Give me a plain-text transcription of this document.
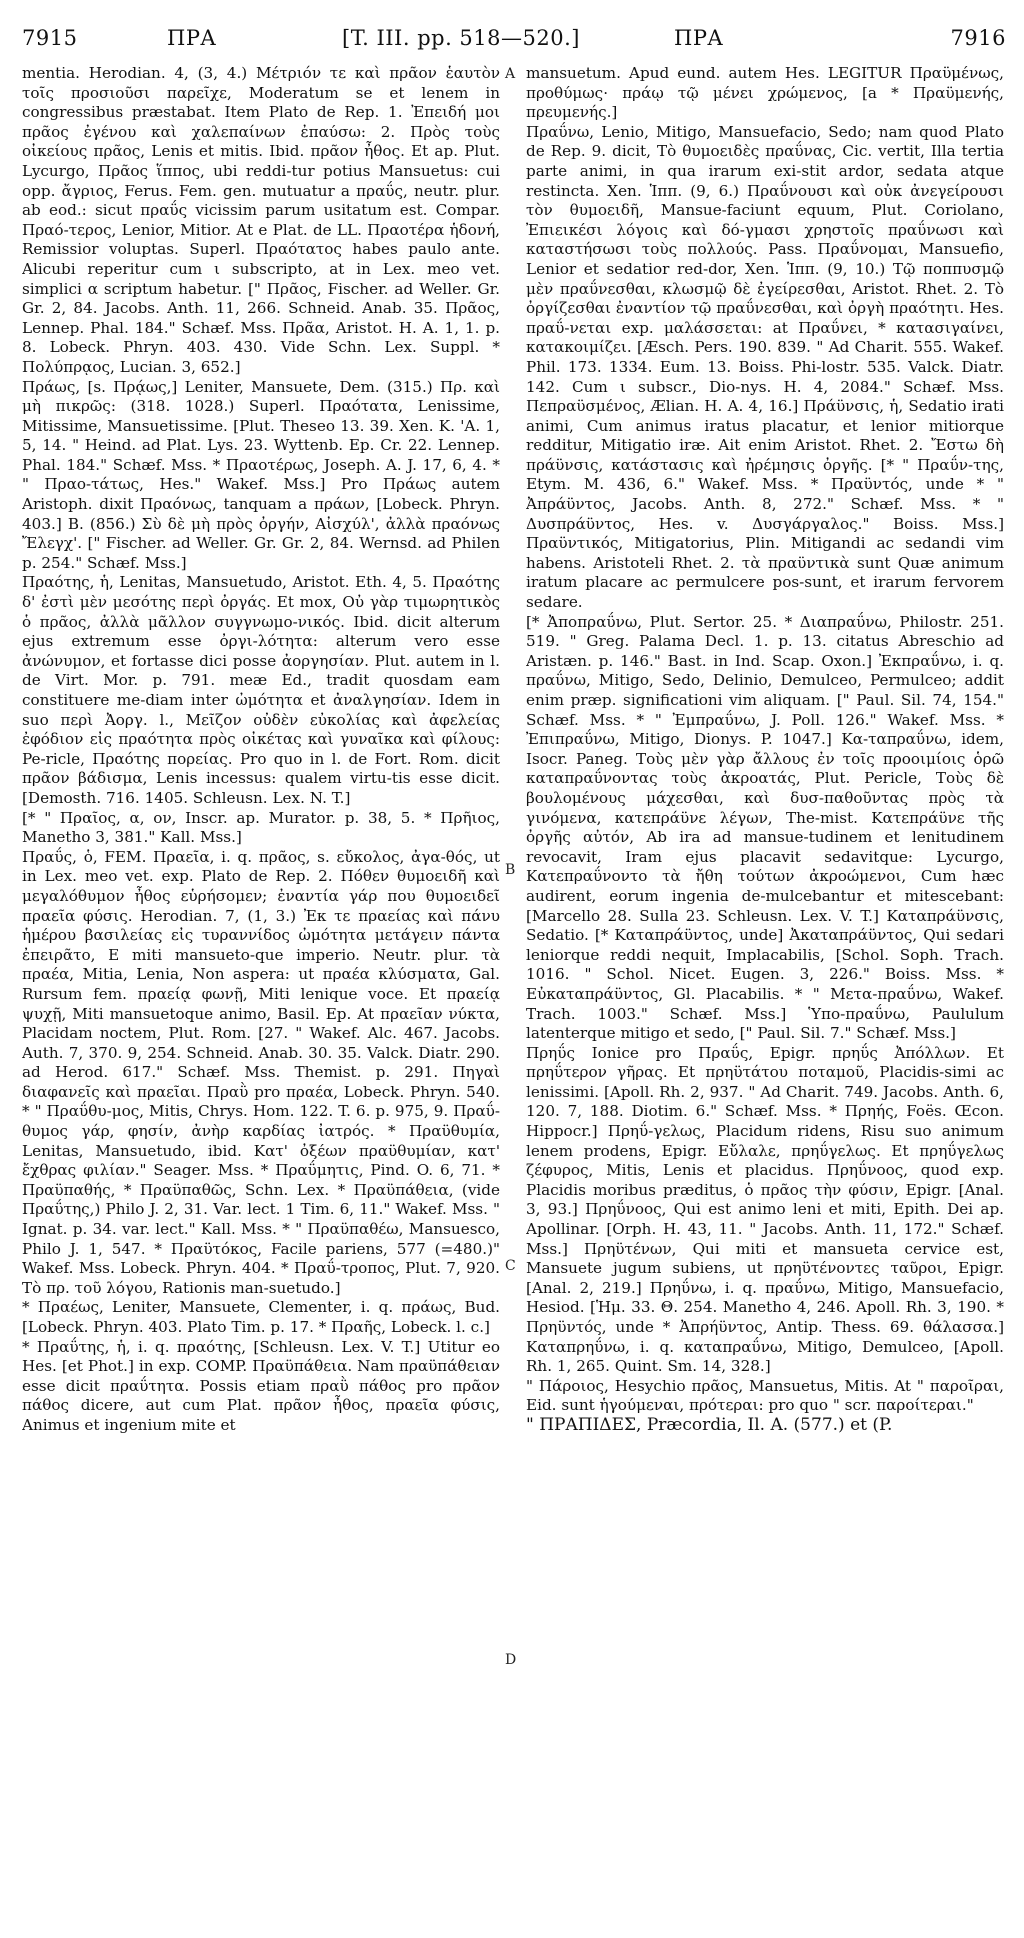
7915	ΠΡΑ	[T. III. pp. 518—520.]	ΠΡΑ	7916
A
B
C
D

mentia. Herodian. 4, (3, 4.) Μέτριόν τε καὶ πρᾶον ἑαυτὸν τοῖς προσιοῦσι παρεῖχε, Moderatum se et lenem in congressibus præstabat. Item Plato de Rep. 1. Ἐπειδή μοι πρᾶος ἐγένου καὶ χαλεπαίνων ἐπαύσω: 2. Πρὸς τοὺς οἰκείους πρᾶος, Lenis et mitis. Ibid. πρᾶον ἦθος. Et ap. Plut. Lycurgo, Πρᾶος ἵππος, ubi reddi-tur potius Mansuetus: cui opp. ἄγριος, Ferus. Fem. gen. mutuatur a πραΰς, neutr. plur. ab eod.: sicut πραΰς vicissim parum usitatum est. Compar. Πραό-τερος, Lenior, Mitior. At e Plat. de LL. Πραοτέρα ἡδονή, Remissior voluptas. Superl. Πραότατος habes paulo ante. Alicubi reperitur cum ι subscripto, at in Lex. meo vet. simplici α scriptum habetur. [" Πρᾶος, Fischer. ad Weller. Gr. Gr. 2, 84. Jacobs. Anth. 11, 266. Schneid. Anab. 35. Πρᾶος, Lennep. Phal. 184." Schæf. Mss. Πρᾶα, Aristot. H. A. 1, 1. p. 8. Lobeck. Phryn. 403. 430. Vide Schn. Lex. Suppl. * Πολύπρᾳος, Lucian. 3, 652.]

Πράως, [s. Πρᾴως,] Leniter, Mansuete, Dem. (315.) Πρ. καὶ μὴ πικρῶς: (318. 1028.) Superl. Πραότατα, Lenissime, Mitissime, Mansuetissime. [Plut. Theseo 13. 39. Xen. K. 'A. 1, 5, 14. " Heind. ad Plat. Lys. 23. Wyttenb. Ep. Cr. 22. Lennep. Phal. 184." Schæf. Mss. * Πραοτέρως, Joseph. A. J. 17, 6, 4. * " Πραο-τάτως, Hes." Wakef. Mss.] Pro Πράως autem Aristoph. dixit Πραόνως, tanquam a πράων, [Lobeck. Phryn. 403.] B. (856.) Σὺ δὲ μὴ πρὸς ὀργήν, Αἰσχύλ', ἀλλὰ πραόνως Ἔλεγχ'. [" Fischer. ad Weller. Gr. Gr. 2, 84. Wernsd. ad Philen p. 254." Schæf. Mss.]

Πραότης, ἡ, Lenitas, Mansuetudo, Aristot. Eth. 4, 5. Πραότης δ' ἐστὶ μὲν μεσότης περὶ ὀργάς. Et mox, Οὐ γὰρ τιμωρητικὸς ὁ πρᾶος, ἀλλὰ μᾶλλον συγγνωμο-νικός. Ibid. dicit alterum ejus extremum esse ὀργι-λότητα: alterum vero esse ἀνώνυμον, et fortasse dici posse ἀοργησίαν. Plut. autem in l. de Virt. Mor. p. 791. meæ Ed., tradit quosdam eam constituere me-diam inter ὠμότητα et ἀναλγησίαν. Idem in suo περὶ Ἀοργ. l., Μεῖζον οὐδὲν εὐκολίας καὶ ἀφελείας ἐφόδιον εἰς πραότητα πρὸς οἰκέτας καὶ γυναῖκα καὶ φίλους: Pe-ricle, Πραότης πορείας. Pro quo in l. de Fort. Rom. dicit πρᾶον βάδισμα, Lenis incessus: qualem virtu-tis esse dicit. [Demosth. 716. 1405. Schleusn. Lex. N. T.]

[* " Πραῖος, α, ον, Inscr. ap. Murator. p. 38, 5. * Πρῆιος, Manetho 3, 381." Kall. Mss.]

Πραΰς, ὁ, FEM. Πραεῖα, i. q. πρᾶος, s. εὔκολος, ἀγα-θός, ut in Lex. meo vet. exp. Plato de Rep. 2. Πόθεν θυμοειδῆ καὶ μεγαλόθυμον ἦθος εὑρήσομεν; ἐναντία γάρ που θυμοειδεῖ πραεῖα φύσις. Herodian. 7, (1, 3.) Ἐκ τε πραείας καὶ πάνυ ἡμέρου βασιλείας εἰς τυραννίδος ὠμότητα μετάγειν πάντα ἐπειρᾶτο, E miti mansueto-que imperio. Neutr. plur. τὰ πραέα, Mitia, Lenia, Non aspera: ut πραέα κλύσματα, Gal. Rursum fem. πραείᾳ φωνῇ, Miti lenique voce. Et πραείᾳ ψυχῇ, Miti mansuetoque animo, Basil. Ep. At πραεῖαν νύκτα, Placidam noctem, Plut. Rom. [27. " Wakef. Alc. 467. Jacobs. Auth. 7, 370. 9, 254. Schneid. Anab. 30. 35. Valck. Diatr. 290. ad Herod. 617." Schæf. Mss. Themist. p. 291. Πηγαὶ διαφανεῖς καὶ πραεῖαι. Πραῢ pro πραέα, Lobeck. Phryn. 540. * " Πραΰθυ-μος, Mitis, Chrys. Hom. 122. T. 6. p. 975, 9. Πραΰ-θυμος γάρ, φησίν, ἀνὴρ καρδίας ἰατρός. * Πραϋθυμία, Lenitas, Mansuetudo, ibid. Κατ' ὀξέων πραϋθυμίαν, κατ' ἔχθρας φιλίαν." Seager. Mss. * Πραΰμητις, Pind. O. 6, 71. * Πραϋπαθής, * Πραϋπαθῶς, Schn. Lex. * Πραϋπάθεια, (vide Πραΰτης,) Philo J. 2, 31. Var. lect. 1 Tim. 6, 11." Wakef. Mss. " Ignat. p. 34. var. lect." Kall. Mss. * " Πραϋπαθέω, Mansuesco, Philo J. 1, 547. * Πραϋτόκος, Facile pariens, 577 (=480.)" Wakef. Mss. Lobeck. Phryn. 404. * Πραΰ-τροπος, Plut. 7, 920. Τὸ πρ. τοῦ λόγου, Rationis man-suetudo.]

* Πραέως, Leniter, Mansuete, Clementer, i. q. πράως, Bud. [Lobeck. Phryn. 403. Plato Tim. p. 17. * Πραῆς, Lobeck. l. c.]

* Πραΰτης, ἡ, i. q. πραότης, [Schleusn. Lex. V. T.] Utitur eo Hes. [et Phot.] in exp. COMP. Πραϋπάθεια. Nam πραϋπάθειαν esse dicit πραΰτητα. Possis etiam πραῢ πάθος pro πρᾶον πάθος dicere, aut cum Plat. πρᾶον ἦθος, πραεῖα φύσις, Animus et ingenium mite et

mansuetum. Apud eund. autem Hes. LEGITUR Πραϋμένως, προθύμως· πράῳ τῷ μένει χρώμενος, [a * Πραϋμενής, πρευμενής.]

Πραΰνω, Lenio, Mitigo, Mansuefacio, Sedo; nam quod Plato de Rep. 9. dicit, Τὸ θυμοειδὲς πραΰνας, Cic. vertit, Illa tertia parte animi, in qua irarum exi-stit ardor, sedata atque restincta. Xen. Ἱππ. (9, 6.) Πραΰνουσι καὶ οὐκ ἀνεγείρουσι τὸν θυμοειδῆ, Mansue-faciunt equum, Plut. Coriolano, Ἐπιεικέσι λόγοις καὶ δό-γμασι χρηστοῖς πραΰνωσι καὶ καταστήσωσι τοὺς πολλούς. Pass. Πραΰνομαι, Mansuefio, Lenior et sedatior red-dor, Xen. Ἱππ. (9, 10.) Τῷ ποππυσμῷ μὲν πραΰνεσθαι, κλωσμῷ δὲ ἐγείρεσθαι, Aristot. Rhet. 2. Τὸ ὀργίζεσθαι ἐναντίον τῷ πραΰνεσθαι, καὶ ὀργὴ πραότητι. Hes. πραΰ-νεται exp. μαλάσσεται: at Πραΰνει, * κατασιγαίνει, κατακοιμίζει. [Æsch. Pers. 190. 839. " Ad Charit. 555. Wakef. Phil. 173. 1334. Eum. 13. Boiss. Phi-lostr. 535. Valck. Diatr. 142. Cum ι subscr., Dio-nys. H. 4, 2084." Schæf. Mss. Πεπραϋσμένος, Ælian. H. A. 4, 16.] Πράϋνσις, ἡ, Sedatio irati animi, Cum animus iratus placatur, et lenior mitiorque redditur, Mitigatio iræ. Ait enim Aristot. Rhet. 2. Ἔστω δὴ πράϋνσις, κατάστασις καὶ ἠρέμησις ὀργῆς. [* " Πραΰν-της, Etym. M. 436, 6." Wakef. Mss. * Πραϋντός, unde * " Ἀπράϋντος, Jacobs. Anth. 8, 272." Schæf. Mss. * " Δυσπράϋντος, Hes. v. Δυσγάργαλος." Boiss. Mss.] Πραϋντικός, Mitigatorius, Plin. Mitigandi ac sedandi vim habens. Aristoteli Rhet. 2. τὰ πραϋντικὰ sunt Quæ animum iratum placare ac permulcere pos-sunt, et irarum fervorem sedare.

[* Ἀποπραΰνω, Plut. Sertor. 25. * Διαπραΰνω, Philostr. 251. 519. " Greg. Palama Decl. 1. p. 13. citatus Abreschio ad Aristæn. p. 146." Bast. in Ind. Scap. Oxon.] Ἐκπραΰνω, i. q. πραΰνω, Mitigo, Sedo, Delinio, Demulceo, Permulceo; addit enim præp. significationi vim aliquam. [" Paul. Sil. 74, 154." Schæf. Mss. * " Ἐμπραΰνω, J. Poll. 126." Wakef. Mss. * Ἐπιπραΰνω, Mitigo, Dionys. P. 1047.] Κα-ταπραΰνω, idem, Isocr. Paneg. Τοὺς μὲν γὰρ ἄλλους ἐν τοῖς προοιμίοις ὁρῶ καταπραΰνοντας τοὺς ἀκροατάς, Plut. Pericle, Τοὺς δὲ βουλομένους μάχεσθαι, καὶ δυσ-παθοῦντας πρὸς τὰ γινόμενα, κατεπράϋνε λέγων, The-mist. Κατεπράϋνε τῆς ὀργῆς αὐτόν, Ab ira ad mansue-tudinem et lenitudinem revocavit, Iram ejus placavit sedavitque: Lycurgo, Κατεπραΰνοντο τὰ ἤθη τούτων ἀκροώμενοι, Cum hæc audirent, eorum ingenia de-mulcebantur et mitescebant: [Marcello 28. Sulla 23. Schleusn. Lex. V. T.] Καταπράϋνσις, Sedatio. [* Καταπράϋντος, unde] Ἀκαταπράϋντος, Qui sedari leniorque reddi nequit, Implacabilis, [Schol. Soph. Trach. 1016. " Schol. Nicet. Eugen. 3, 226." Boiss. Mss. * Εὐκαταπράϋντος, Gl. Placabilis. * " Μετα-πραΰνω, Wakef. Trach. 1003." Schæf. Mss.] Ὑπο-πραΰνω, Paululum latenterque mitigo et sedo, [" Paul. Sil. 7." Schæf. Mss.]

Πρηΰς Ionice pro Πραΰς, Epigr. πρηΰς Ἀπόλλων. Et πρηΰτερον γῆρας. Et πρηϋτάτου ποταμοῦ, Placidis-simi ac lenissimi. [Apoll. Rh. 2, 937. " Ad Charit. 749. Jacobs. Anth. 6, 120. 7, 188. Diotim. 6." Schæf. Mss. * Πρηής, Foës. Œcon. Hippocr.] Πρηΰ-γελως, Placidum ridens, Risu suo animum lenem prodens, Epigr. Εὔλαλε, πρηΰγελως. Et πρηΰγελως ζέφυρος, Mitis, Lenis et placidus. Πρηΰνοος, quod exp. Placidis moribus præditus, ὁ πρᾶος τὴν φύσιν, Epigr. [Anal. 3, 93.] Πρηΰνοος, Qui est animo leni et miti, Epith. Dei ap. Apollinar. [Orph. H. 43, 11. " Jacobs. Anth. 11, 172." Schæf. Mss.] Πρηϋτένων, Qui miti et mansueta cervice est, Mansuete jugum subiens, ut πρηϋτένοντες ταῦροι, Epigr. [Anal. 2, 219.] Πρηΰνω, i. q. πραΰνω, Mitigo, Mansuefacio, Hesiod. [Ἡμ. 33. Θ. 254. Manetho 4, 246. Apoll. Rh. 3, 190. * Πρηϋντός, unde * Ἀπρήϋντος, Antip. Thess. 69. θάλασσα.] Καταπρηΰνω, i. q. καταπραΰνω, Mitigo, Demulceo, [Apoll. Rh. 1, 265. Quint. Sm. 14, 328.]

" Πάροιος, Hesychio πρᾶος, Mansuetus, Mitis. At " παροῖραι, Eid. sunt ἡγούμεναι, πρότεραι: pro quo " scr. παροίτεραι."

" ΠΡΑΠΙΔΕΣ, Præcordia, Il. A. (577.) et (P.
